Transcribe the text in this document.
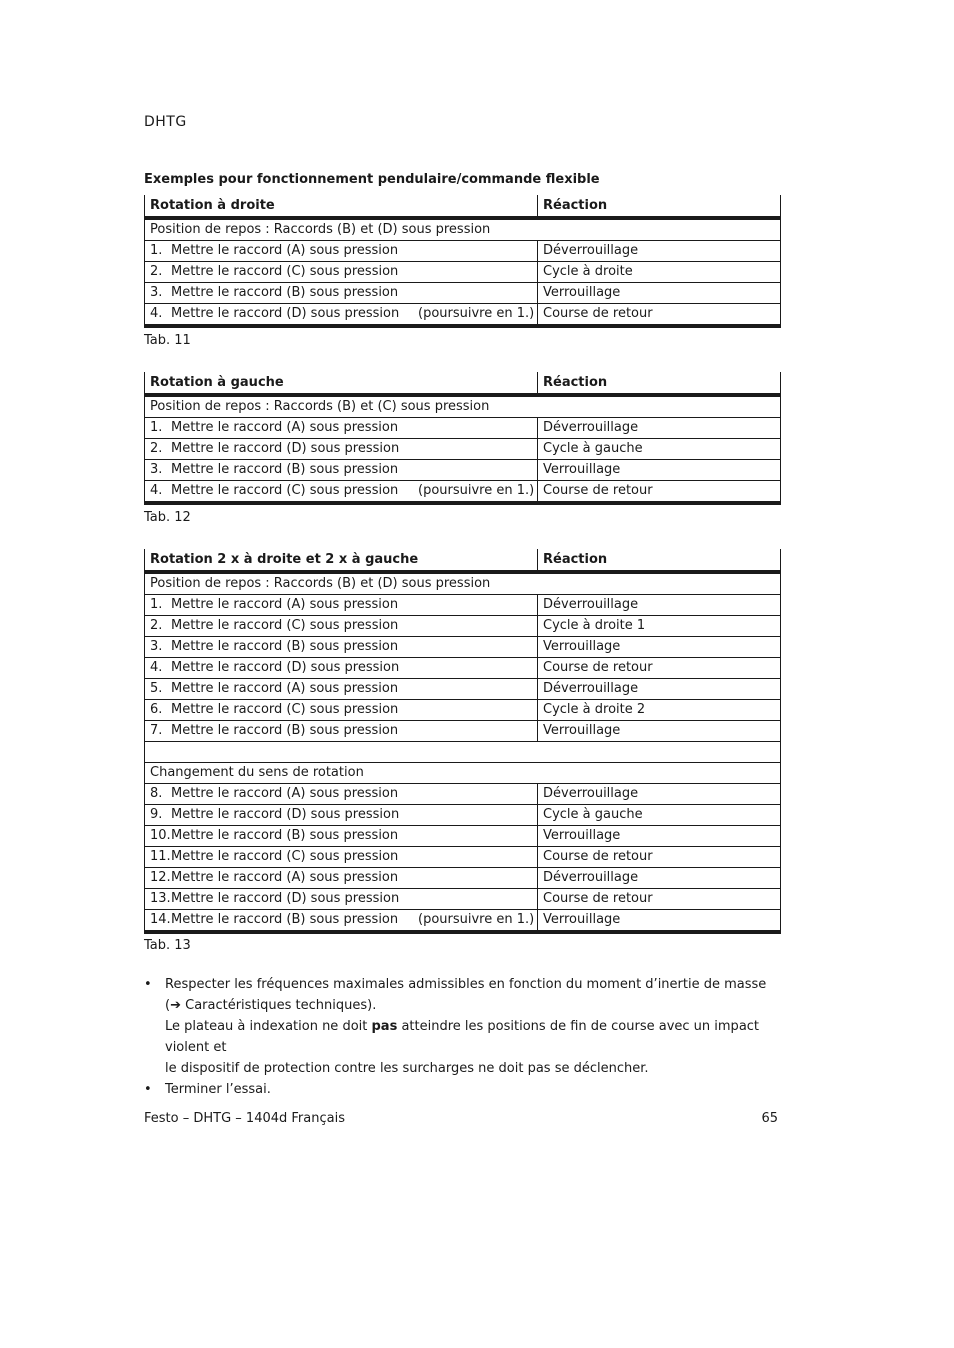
DHTG
Exemples pour fonctionnement pendulaire/commande flexible
Rotation à droite	Réaction
Position de repos : Raccords (B) et (D) sous pression	
1. Mettre le raccord (A) sous pression	Déverrouillage
2. Mettre le raccord (C) sous pression	Cycle à droite
3. Mettre le raccord (B) sous pression	Verrouillage

4. Mettre le raccord (D) sous pression (poursuivre en 1.)	Course de retour
Tab. 11
Rotation à gauche	Réaction
Position de repos : Raccords (B) et (C) sous pression	
1. Mettre le raccord (A) sous pression	Déverrouillage
2. Mettre le raccord (D) sous pression	Cycle à gauche
3. Mettre le raccord (B) sous pression	Verrouillage

4. Mettre le raccord (C) sous pression (poursuivre en 1.)	Course de retour
Tab. 12
Rotation 2 x à droite et 2 x à gauche	Réaction
Position de repos : Raccords (B) et (D) sous pression	
1. Mettre le raccord (A) sous pression	Déverrouillage
2. Mettre le raccord (C) sous pression	Cycle à droite 1
3. Mettre le raccord (B) sous pression	Verrouillage
4. Mettre le raccord (D) sous pression	Course de retour
5. Mettre le raccord (A) sous pression	Déverrouillage
6. Mettre le raccord (C) sous pression	Cycle à droite 2
7. Mettre le raccord (B) sous pression	Verrouillage

Changement du sens de rotation	
8. Mettre le raccord (A) sous pression	Déverrouillage
9. Mettre le raccord (D) sous pression	Cycle à gauche
10.Mettre le raccord (B) sous pression	Verrouillage
11.Mettre le raccord (C) sous pression	Course de retour
12.Mettre le raccord (A) sous pression	Déverrouillage
13.Mettre le raccord (D) sous pression	Course de retour

14.Mettre le raccord (B) sous pression (poursuivre en 1.)	Verrouillage
Tab. 13
• Respecter les fréquences maximales admissibles en fonction du moment d’inertie de masse
(➔ Caractéristiques techniques).
Le plateau à indexation ne doit pas atteindre les positions de fin de course avec un impact violent et
le dispositif de protection contre les surcharges ne doit pas se déclencher.
• Terminer l’essai.
Festo – DHTG – 1404d Français	65
